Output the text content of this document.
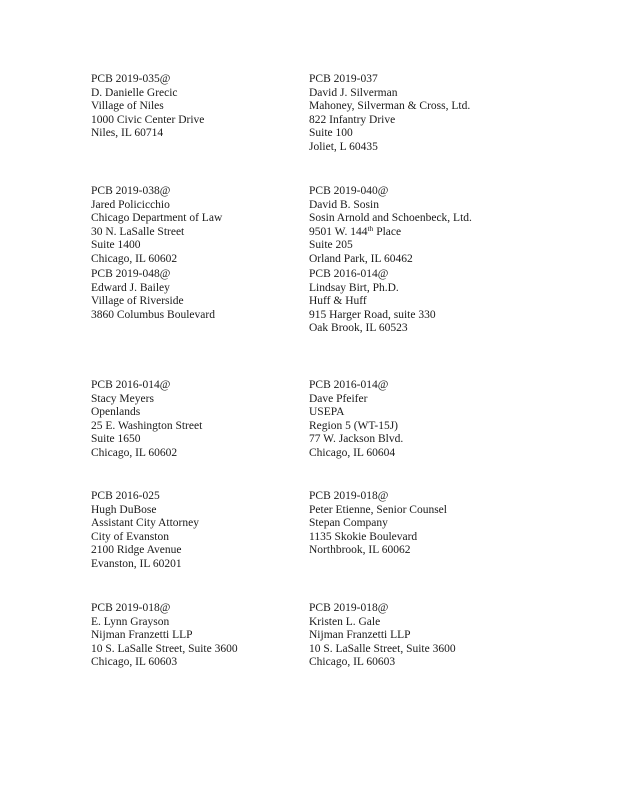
PCB 2019-035@
D. Danielle Grecic
Village of Niles
1000 Civic Center Drive
Niles, IL 60714
PCB 2019-037
David J. Silverman
Mahoney, Silverman & Cross, Ltd.
822 Infantry Drive
Suite 100
Joliet, L 60435
PCB 2019-038@
Jared Policicchio
Chicago Department of Law
30 N. LaSalle Street
Suite 1400
Chicago, IL 60602
PCB 2019-040@
David B. Sosin
Sosin Arnold and Schoenbeck, Ltd.
9501 W. 144th Place
Suite 205
Orland Park, IL 60462
PCB 2019-048@
Edward J. Bailey
Village of Riverside
3860 Columbus Boulevard
PCB 2016-014@
Lindsay Birt, Ph.D.
Huff & Huff
915 Harger Road, suite 330
Oak Brook, IL 60523
PCB 2016-014@
Stacy Meyers
Openlands
25 E. Washington Street
Suite 1650
Chicago, IL 60602
PCB 2016-014@
Dave Pfeifer
USEPA
Region 5 (WT-15J)
77 W. Jackson Blvd.
Chicago, IL 60604
PCB 2016-025
Hugh DuBose
Assistant City Attorney
City of Evanston
2100 Ridge Avenue
Evanston, IL 60201
PCB 2019-018@
Peter Etienne, Senior Counsel
Stepan Company
1135 Skokie Boulevard
Northbrook, IL 60062
PCB 2019-018@
E. Lynn Grayson
Nijman Franzetti LLP
10 S. LaSalle Street, Suite 3600
Chicago, IL 60603
PCB 2019-018@
Kristen L. Gale
Nijman Franzetti LLP
10 S. LaSalle Street, Suite 3600
Chicago, IL 60603
